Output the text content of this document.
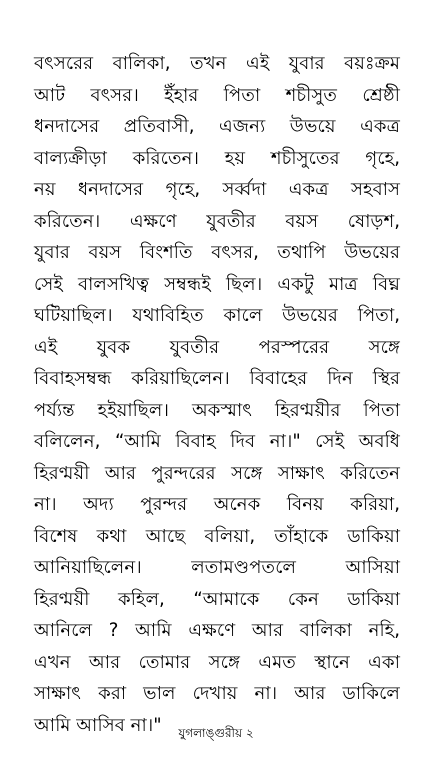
বৎসরের বালিকা, তখন এই যুবার বয়ঃক্রম
আট বৎসর। ইঁহার পিতা শচীসুত শ্রেষ্ঠী
ধনদাসের প্রতিবাসী, এজন্য উভয়ে একত্র
বাল্যক্রীড়া করিতেন। হয় শচীসুতের গৃহে,
নয় ধনদাসের গৃহে, সর্ব্বদা একত্র সহবাস
করিতেন। এক্ষণে যুবতীর বয়স ষোড়শ,
যুবার বয়স বিংশতি বৎসর, তথাপি উভয়ের
সেই বালসখিত্ব সম্বন্ধই ছিল। একটু মাত্র বিঘ্ন
ঘটিয়াছিল। যথাবিহিত কালে উভয়ের পিতা,
এই যুবক যুবতীর পরস্পরের সঙ্গে
বিবাহসম্বন্ধ করিয়াছিলেন। বিবাহের দিন স্থির
পর্য্যন্ত হইয়াছিল। অকস্মাৎ হিরণ্ময়ীর পিতা
বলিলেন, “আমি বিবাহ দিব না।" সেই অবধি
হিরণ্ময়ী আর পুরন্দরের সঙ্গে সাক্ষাৎ করিতেন
না। অদ্য পুরন্দর অনেক বিনয় করিয়া,
বিশেষ কথা আছে বলিয়া, তাঁহাকে ডাকিয়া
আনিয়াছিলেন। লতামণ্ডপতলে আসিয়া
হিরণ্ময়ী কহিল, “আমাকে কেন ডাকিয়া
আনিলে ? আমি এক্ষণে আর বালিকা নহি,
এখন আর তোমার সঙ্গে এমত স্থানে একা
সাক্ষাৎ করা ভাল দেখায় না। আর ডাকিলে
আমি আসিব না।"	যুগলাঙ্গুরীয় ২
